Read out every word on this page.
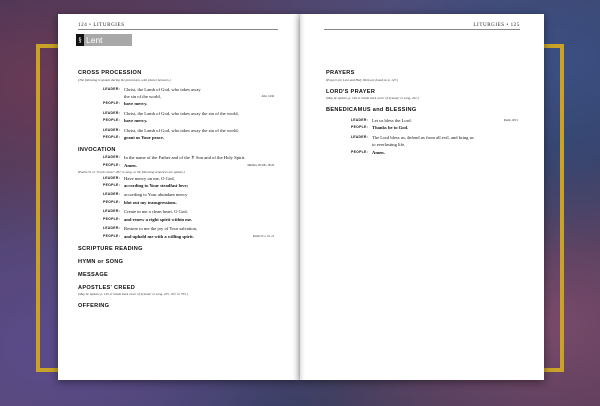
124 • LITURGIES
§ Lent
CROSS PROCESSION
(The following is spoken during the procession, with silence between.)
LEADER: Christ, the Lamb of God, who takes away
the sin of the world,	John 1:29b
PEOPLE: have mercy.
LEADER: Christ, the Lamb of God, who takes away the sin of the world,
PEOPLE: have mercy.
LEADER: Christ, the Lamb of God, who takes away the sin of the world,
PEOPLE: grant us Your peace.
INVOCATION
LEADER: In the name of the Father and of the ✝ Son and of the Holy Spirit.
PEOPLE: Amen.	Matthew 28:19b; 18:20
(Psalm 51 or "Lord Comes" 287, is sung, or the following sentences are spoken.)
LEADER: Have mercy on me, O God,
PEOPLE: according to Your steadfast love;
LEADER: according to Your abundant mercy
PEOPLE: blot out my transgressions.
LEADER: Create in me a clean heart, O God,
PEOPLE: and renew a right spirit within me.
LEADER: Restore to me the joy of Your salvation,
PEOPLE: and uphold me with a willing spirit.	Psalm 51:1, 10, 12
SCRIPTURE READING
HYMN or SONG
MESSAGE
APOSTLES' CREED
(May be spoken, p. 145 or inside back cover of hymnal; or sung, 235, 167, or 355.)
OFFERING
LITURGIES • 125
PRAYERS
(Prayers for Lent and Holy Week are found on p. 147.)
LORD'S PRAYER
(May be spoken, p. 146 or inside back cover of hymnal; or sung, 291.)
BENEDICAMUS and BLESSING
LEADER: Let us bless the Lord.	Psalm 103:1
PEOPLE: Thanks be to God.
LEADER: The Lord bless us, defend us from all evil, and bring us
to everlasting life.
PEOPLE: Amen.
